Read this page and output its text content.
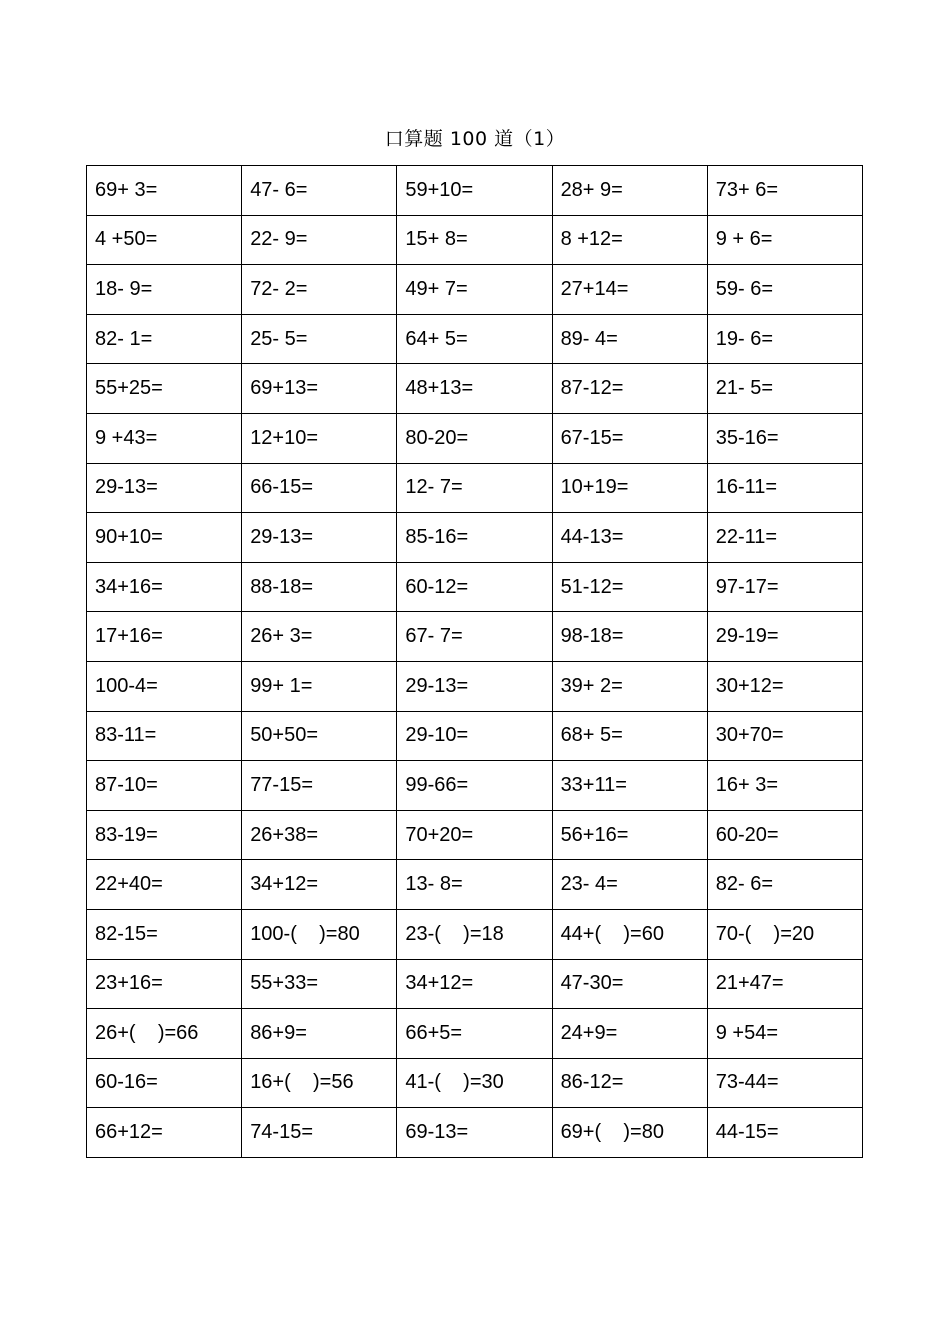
口算题 100 道（1）
69+ 3=	47- 6=	59+10=	28+ 9=	73+ 6=
4 +50=	22- 9=	15+ 8=	8 +12=	9 + 6=
18- 9=	72- 2=	49+ 7=	27+14=	59- 6=
82- 1=	25- 5=	64+ 5=	89- 4=	19- 6=
55+25=	69+13=	48+13=	87-12=	21- 5=
9 +43=	12+10=	80-20=	67-15=	35-16=
29-13=	66-15=	12- 7=	10+19=	16-11=
90+10=	29-13=	85-16=	44-13=	22-11=
34+16=	88-18=	60-12=	51-12=	97-17=
17+16=	26+ 3=	67- 7=	98-18=	29-19=
100-4=	99+ 1=	29-13=	39+ 2=	30+12=
83-11=	50+50=	29-10=	68+ 5=	30+70=
87-10=	77-15=	99-66=	33+11=	16+ 3=
83-19=	26+38=	70+20=	56+16=	60-20=
22+40=	34+12=	13- 8=	23- 4=	82- 6=
82-15=	100-(    )=80	23-(    )=18	44+(    )=60	70-(    )=20
23+16=	55+33=	34+12=	47-30=	21+47=
26+(    )=66	86+9=	66+5=	24+9=	9 +54=
60-16=	16+(    )=56	41-(    )=30	86-12=	73-44=
66+12=	74-15=	69-13=	69+(    )=80	44-15=
